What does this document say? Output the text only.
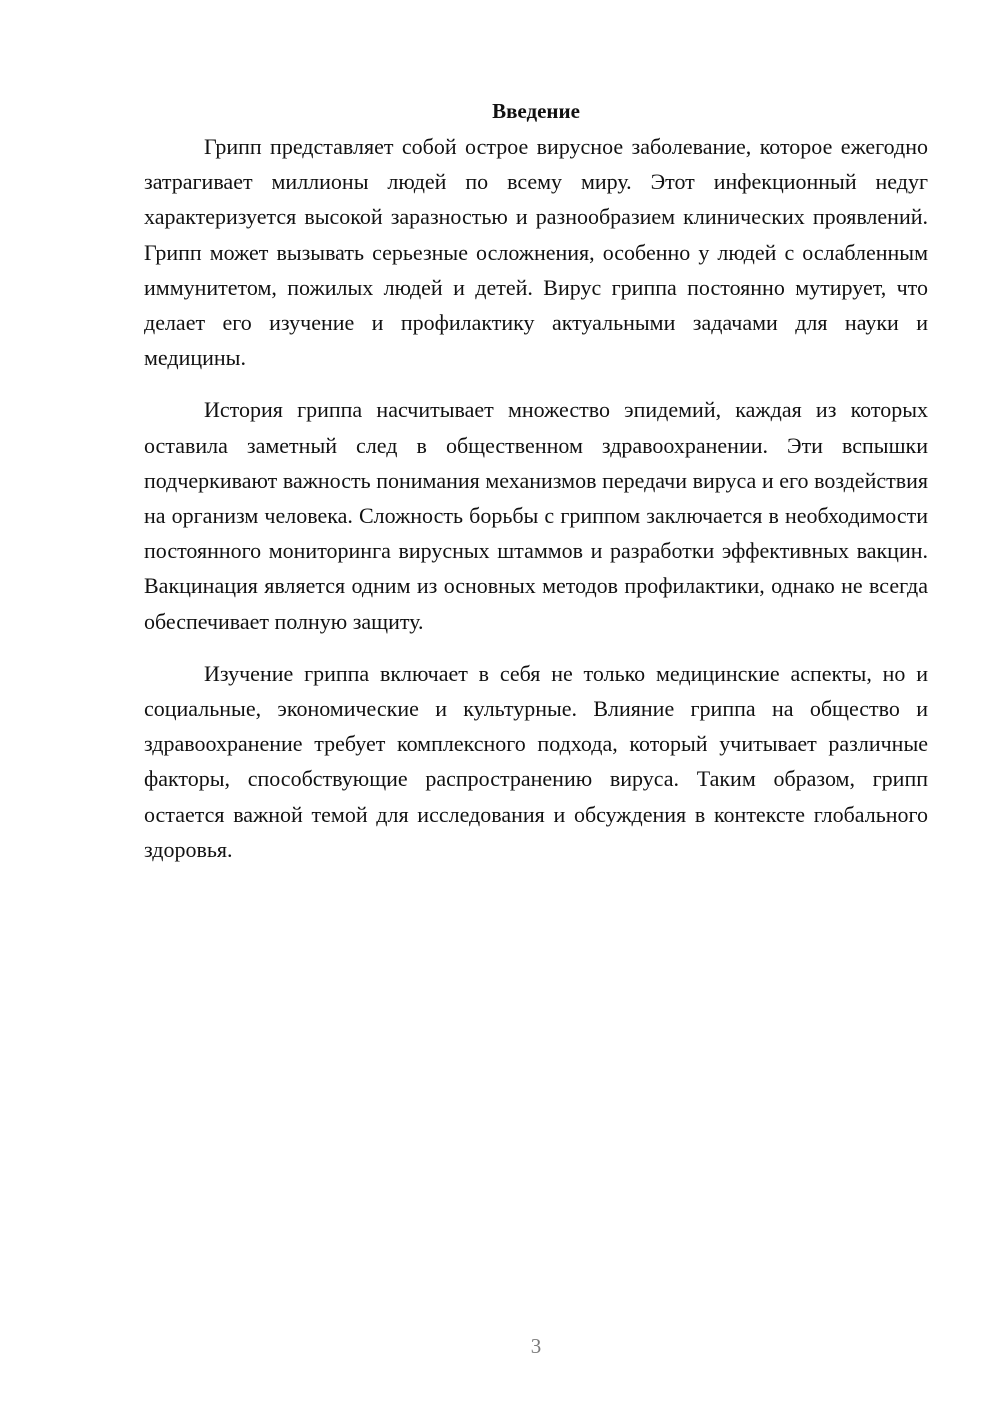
Введение

Грипп представляет собой острое вирусное заболевание, которое ежегодно затрагивает миллионы людей по всему миру. Этот инфекционный недуг характеризуется высокой заразностью и разнообразием клинических проявлений. Грипп может вызывать серьезные осложнения, особенно у людей с ослабленным иммунитетом, пожилых людей и детей. Вирус гриппа постоянно мутирует, что делает его изучение и профилактику актуальными задачами для науки и медицины.

История гриппа насчитывает множество эпидемий, каждая из которых оставила заметный след в общественном здравоохранении. Эти вспышки подчеркивают важность понимания механизмов передачи вируса и его воздействия на организм человека. Сложность борьбы с гриппом заключается в необходимости постоянного мониторинга вирусных штаммов и разработки эффективных вакцин. Вакцинация является одним из основных методов профилактики, однако не всегда обеспечивает полную защиту.

Изучение гриппа включает в себя не только медицинские аспекты, но и социальные, экономические и культурные. Влияние гриппа на общество и здравоохранение требует комплексного подхода, который учитывает различные факторы, способствующие распространению вируса. Таким образом, грипп остается важной темой для исследования и обсуждения в контексте глобального здоровья.

3
